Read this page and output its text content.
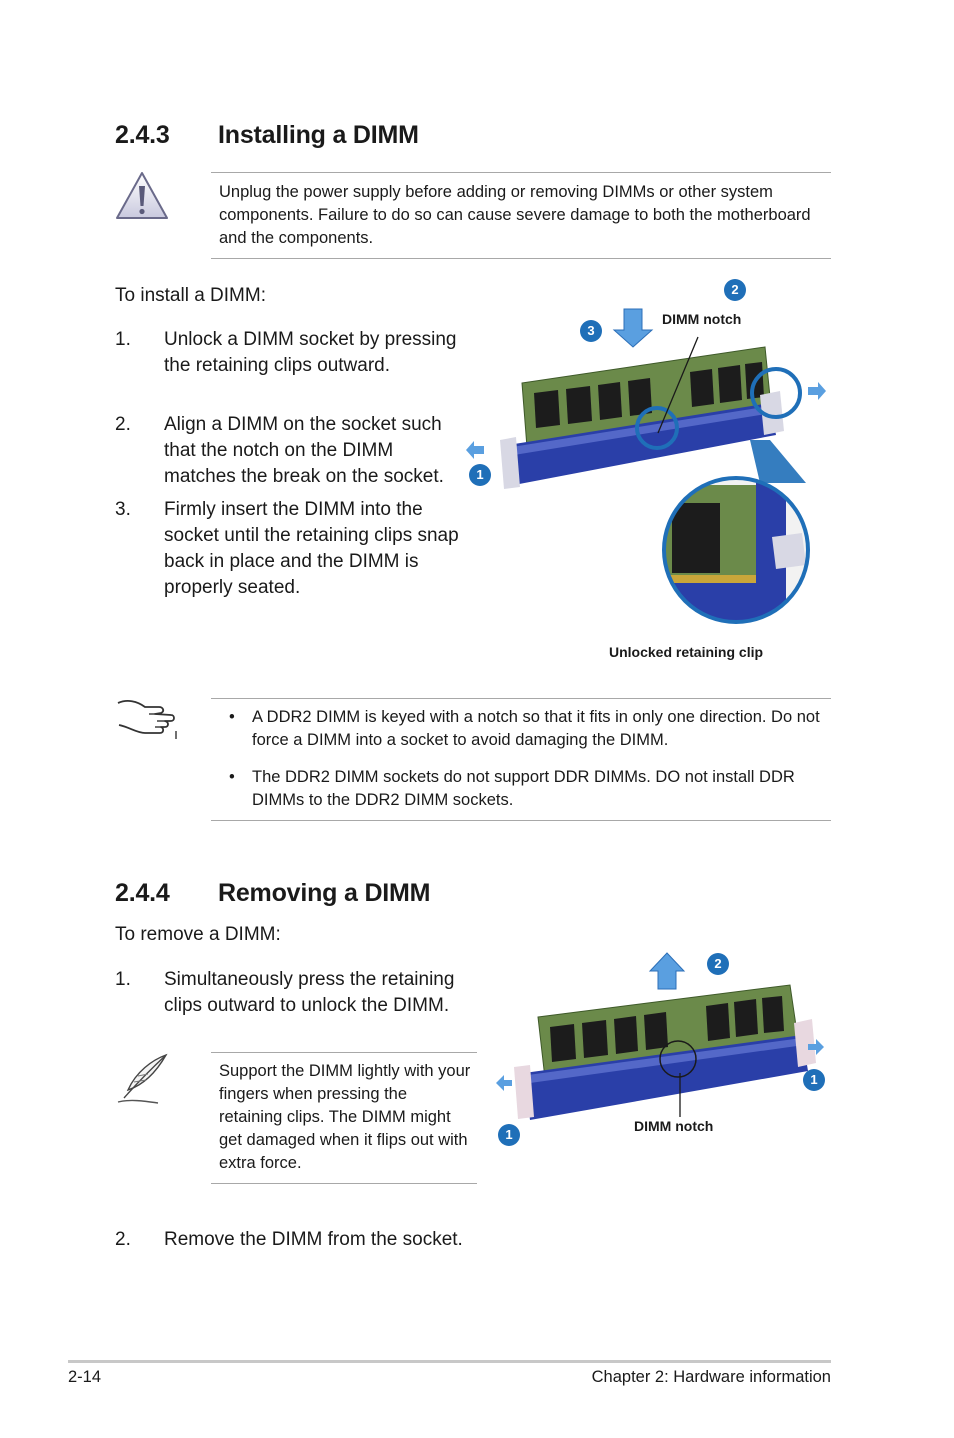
2.4.3 Installing a DIMM
Unplug the power supply before adding or removing DIMMs or other system components. Failure to do so can cause severe damage to both the motherboard and the components.
To install a DIMM:
1. Unlock a DIMM socket by pressing the retaining clips outward.
2. Align a DIMM on the socket such that the notch on the DIMM matches the break on the socket.
3. Firmly insert the DIMM into the socket until the retaining clips snap back in place and the DIMM is properly seated.
2
3
1
DIMM notch
Unlocked retaining clip
• A DDR2 DIMM is keyed with a notch so that it fits in only one direction. Do not force a DIMM into a socket to avoid damaging the DIMM.
• The DDR2 DIMM sockets do not support DDR DIMMs. DO not install DDR DIMMs to the DDR2 DIMM sockets.
2.4.4 Removing a DIMM
To remove a DIMM:
1. Simultaneously press the retaining clips outward to unlock the DIMM.
Support the DIMM lightly with your fingers when pressing the retaining clips. The DIMM might get damaged when it flips out with extra force.
2
1
1
DIMM notch
2. Remove the DIMM from the socket.
2-14	Chapter 2: Hardware information
